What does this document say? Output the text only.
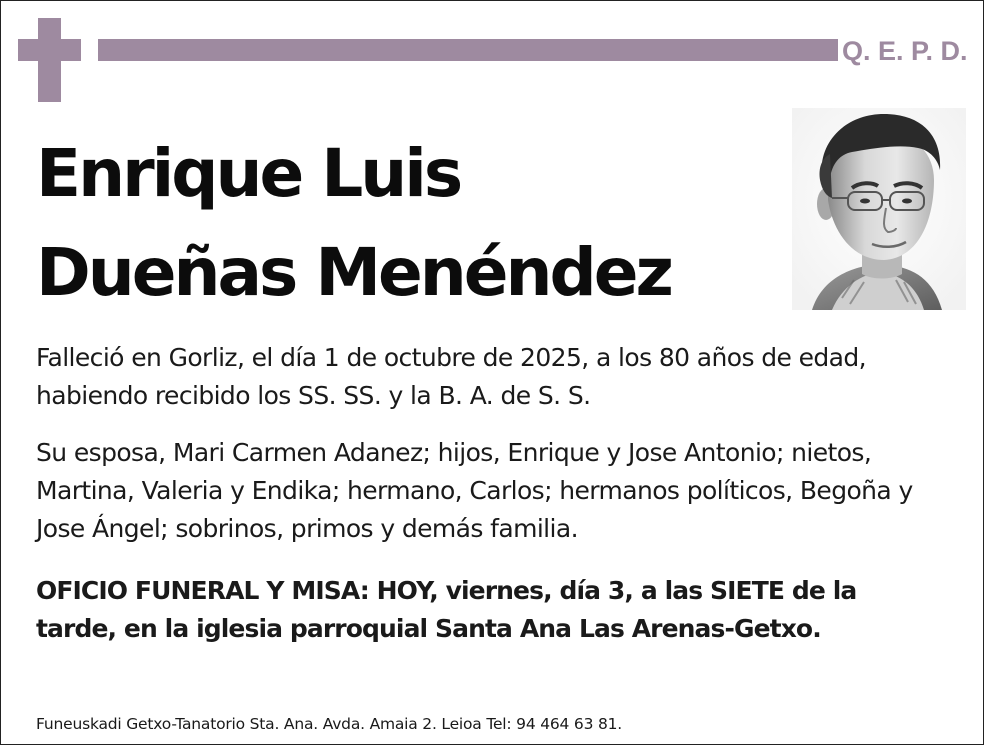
Q. E. P. D.
Enrique Luis
Dueñas Menéndez
Falleció en Gorliz, el día 1 de octubre de 2025, a los 80 años de edad, habiendo recibido los SS. SS. y la B. A. de S. S.
Su esposa, Mari Carmen Adanez; hijos, Enrique y Jose Antonio; nietos, Martina, Valeria y Endika; hermano, Carlos; hermanos políticos, Begoña y Jose Ángel; sobrinos, primos y demás familia.
OFICIO FUNERAL Y MISA: HOY, viernes, día 3, a las SIETE de la tarde, en la iglesia parroquial Santa Ana Las Arenas-Getxo.
Funeuskadi Getxo-Tanatorio Sta. Ana. Avda. Amaia 2. Leioa Tel: 94 464 63 81.
